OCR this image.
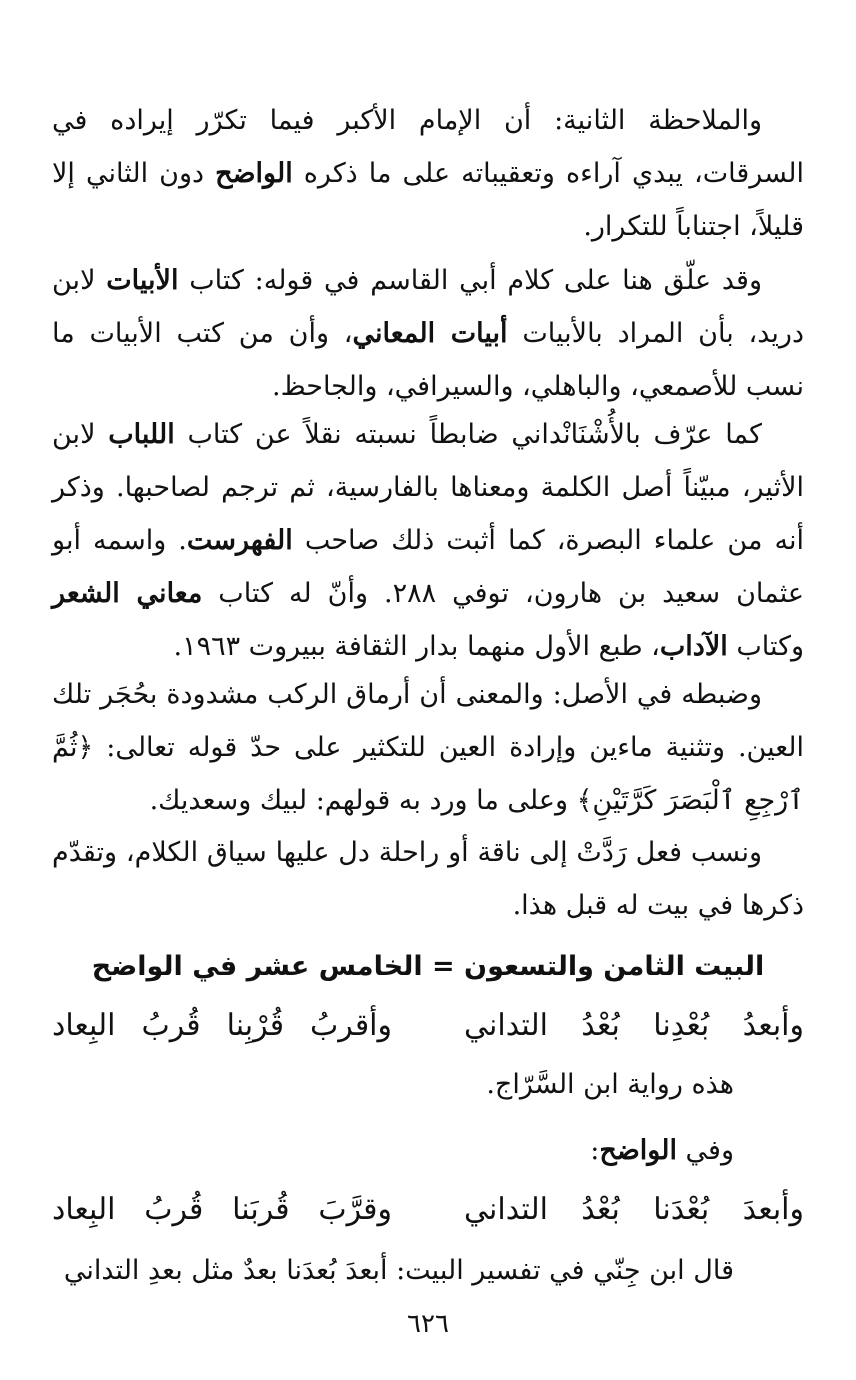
والملاحظة الثانية: أن الإمام الأكبر فيما تكرّر إيراده في السرقات، يبدي آراءه وتعقيباته على ما ذكره الواضح دون الثاني إلا قليلاً، اجتناباً للتكرار.

وقد علّق هنا على كلام أبي القاسم في قوله: كتاب الأبيات لابن دريد، بأن المراد بالأبيات أبيات المعاني، وأن من كتب الأبيات ما نسب للأصمعي، والباهلي، والسيرافي، والجاحظ.

كما عرّف بالأُشْنَانْداني ضابطاً نسبته نقلاً عن كتاب اللباب لابن الأثير، مبيّناً أصل الكلمة ومعناها بالفارسية، ثم ترجم لصاحبها. وذكر أنه من علماء البصرة، كما أثبت ذلك صاحب الفهرست. واسمه أبو عثمان سعيد بن هارون، توفي ٢٨٨. وأنّ له كتاب معاني الشعر وكتاب الآداب، طبع الأول منهما بدار الثقافة ببيروت ١٩٦٣.

وضبطه في الأصل: والمعنى أن أرماق الركب مشدودة بحُجَر تلك العين. وتثنية ماءين وإرادة العين للتكثير على حدّ قوله تعالى: ﴿ثُمَّ ٱرْجِعِ ٱلْبَصَرَ كَرَّتَيْنِ﴾ وعلى ما ورد به قولهم: لبيك وسعديك.

ونسب فعل رَدَّتْ إلى ناقة أو راحلة دل عليها سياق الكلام، وتقدّم ذكرها في بيت له قبل هذا.

البيت الثامن والتسعون = الخامس عشر في الواضح
وأبعدُ بُعْدِنا بُعْدُ التداني
وأقربُ قُرْبِنا قُربُ البِعاد
هذه رواية ابن السَّرّاج.
وفي الواضح:
وأبعدَ بُعْدَنا بُعْدُ التداني
وقرَّبَ قُربَنا قُربُ البِعاد
قال ابن جِنّي في تفسير البيت: أبعدَ بُعدَنا بعدٌ مثل بعدِ التداني
٦٢٦
